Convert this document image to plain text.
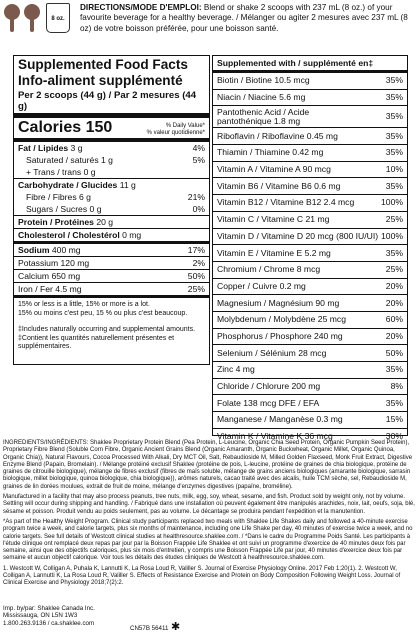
8 oz.
DIRECTIONS/MODE D'EMPLOI: Blend or shake 2 scoops with 237 mL (8 oz.) of your favourite beverage for a healthy beverage. / Mélanger ou agiter 2 mesures avec 237 mL (8 oz) de votre boisson préférée, pour une boisson santé.
Supplemented Food Facts
Info-aliment supplémenté
Per 2 scoops (44 g) / Par 2 mesures (44 g)
Calories 150	% Daily Value*
% valeur quotidienne*
Fat / Lipides 3 g	4%
Saturated / saturés 1 g	5%
+ Trans / trans 0 g
Carbohydrate / Glucides 11 g
Fibre / Fibres 6 g	21%
Sugars / Sucres 0 g	0%
Protein / Protéines 20 g
Cholesterol / Cholestérol 0 mg
Sodium 400 mg	17%
Potassium 120 mg	2%
Calcium 650 mg	50%
Iron / Fer 4.5 mg	25%
15% or less is a little, 15% or more is a lot.
15% ou moins c'est peu, 15 % ou plus c'est beaucoup.
‡Includes naturally occurring and supplemental amounts.
‡Contient les quantités naturellement présentes et supplémentaires.
Supplemented with / supplémenté en‡
Biotin / Biotine 10.5 mcg	35%
Niacin / Niacine 5.6 mg	35%
Pantothenic Acid / Acide pantothénique 1.8 mg	35%
Riboflavin / Riboflavine 0.45 mg	35%
Thiamin / Thiamine 0.42 mg	35%
Vitamin A / Vitamine A 90 mcg	10%
Vitamin B6 / Vitamine B6 0.6 mg	35%
Vitamin B12 / Vitamine B12 2.4 mcg	100%
Vitamin C / Vitamine C 21 mg	25%
Vitamin D / Vitamine D 20 mcg (800 IU/UI) 100%
Vitamin E / Vitamine E 5.2 mg	35%
Chromium / Chrome 8 mcg	25%
Copper / Cuivre 0.2 mg	20%
Magnesium / Magnésium 90 mg	20%
Molybdenum / Molybdène 25 mcg	60%
Phosphorus / Phosphore 240 mg	20%
Selenium / Sélénium 28 mcg	50%
Zinc 4 mg	35%
Chloride / Chlorure 200 mg	8%
Folate 138 mcg DFE / EFA	35%
Manganese / Manganèse 0.3 mg	15%
Vitamin K / Vitamine K 36 mcg	30%

INGREDIENTS/INGRÉDIENTS: Shaklee Proprietary Protein Blend (Pea Protein, L-Leucine, Organic Chia Seed Protein, Organic Pumpkin Seed Protein), Proprietary Fibre Blend (Soluble Corn Fibre, Organic Ancient Grains Blend (Organic Amaranth, Organic Buckwheat, Organic Millet, Organic Quinoa, Organic Chia)), Natural Flavours, Cocoa Processed With Alkali, Dry MCT Oil, Salt, Rebaudioside M, Milled Golden Flaxseed, Monk Fruit Extract, Digestive Enzyme Blend (Papain, Bromelain). / Mélange protéiné exclusif Shaklee (protéine de pois, L-leucine, protéine de graines de chia biologique, protéine de graines de citrouille biologique), mélange de fibres exclusif (fibres de maïs soluble, mélange de grains anciens biologiques (amarante biologique, sarrasin biologique, millet biologique, quinoa biologique, chia biologique)), arômes naturels, cacao traité avec des alcalis, huile TCM sèche, sel, Rebaudioside M, graines de lin dorées moulues, extrait de fruit de moine, mélange d'enzymes digestives (papaïne, broméline).

Manufactured in a facility that may also process peanuts, tree nuts, milk, egg, soy, wheat, sesame, and fish. Product sold by weight only, not by volume. Settling will occur during shipping and handling. / Fabriqué dans une installation où peuvent également être manipulés arachides, noix, lait, oeufs, soja, blé, sésame et poisson. Produit vendu au poids seulement, pas au volume. Le décantage se produira pendant l'expédition et la manutention.

*As part of the Healthy Weight Program. Clinical study participants replaced two meals with Shaklee Life Shakes daily and followed a 40-minute exercise program twice a week, and calorie targets, plus six months of maintenance, including one Life Shake per day, 40 minutes of exercise twice a week, and no calorie targets. See full details of Westcott clinical studies at healthresource.shaklee.com. / *Dans le cadre du Programme Poids Santé. Les participants à l'étude clinique ont remplacé deux repas par jour par la Boisson Frappée Life Shaklee et ont suivi un programme d'exercice de 40 minutes deux fois par semaine, ainsi que des objectifs caloriques, plus six mois d'entretien, y compris une Boisson Frappée Life par jour, 40 minutes d'exercice deux fois par semaine et aucun objectif calorique. Voir tous les détails des études cliniques de Westcott à healthresource.shaklee.com.

1. Westcott W, Colligan A, Puhala K, Lannutti K, La Rosa Loud R, Valiller S. Journal of Exercise Physiology Online. 2017 Feb 1;20(1). 2. Westcott W, Colligan A, Lannutti K, La Rosa Loud R, Valiller S. Effects of Resistance Exercise and Protein on Body Composition Following Weight Loss. Journal of Clinical Exercise and Physiology 2018;7(2):2.

Imp. by/par: Shaklee Canada Inc.
Mississauga, ON L5N 1W3
1.800.263.9136 / ca.shaklee.com
CN57B 56411 ✱
